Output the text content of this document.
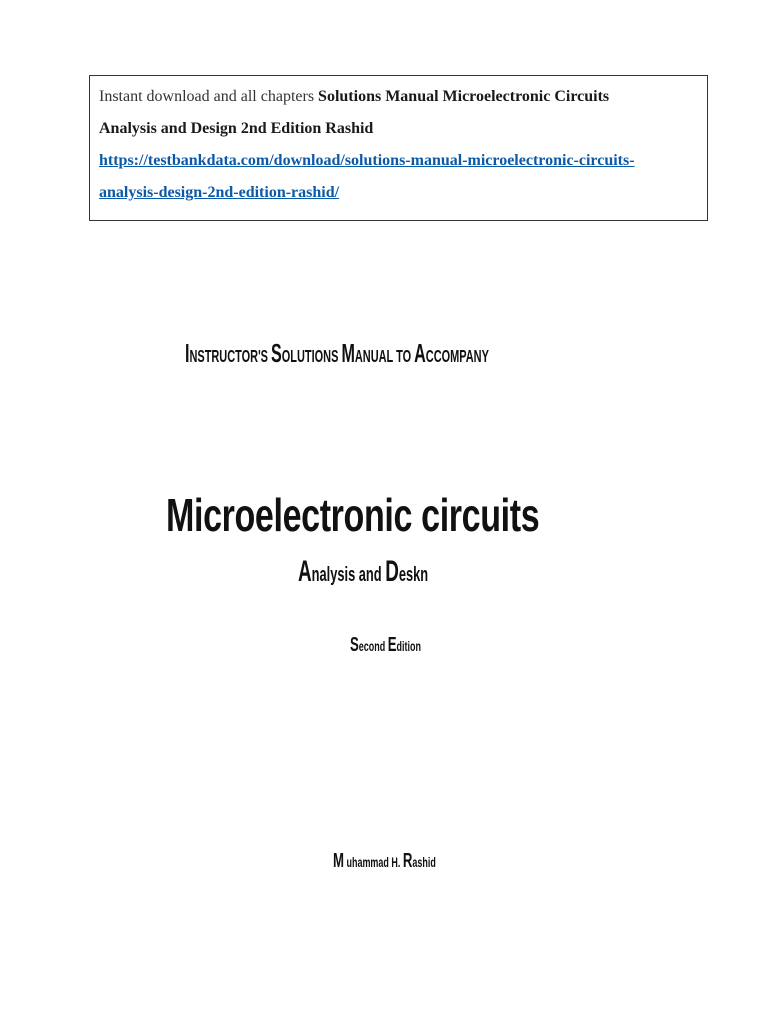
Instant download and all chapters Solutions Manual Microelectronic Circuits
Analysis and Design 2nd Edition Rashid
https://testbankdata.com/download/solutions-manual-microelectronic-circuits-
analysis-design-2nd-edition-rashid/
INSTRUCTOR'S SOLUTIONS MANUAL TO ACCOMPANY
Microelectronic circuits
Analysis and Deskn
Second Edition
M uhammad H. Rashid
